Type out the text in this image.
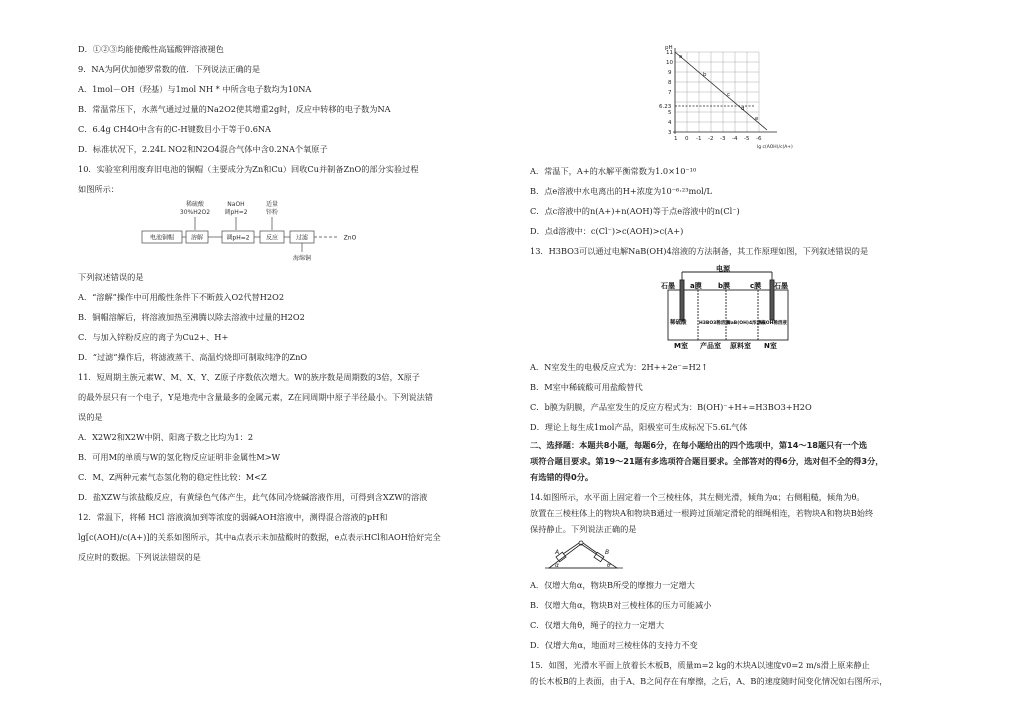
D．①②③均能使酸性高锰酸钾溶液褪色
9．NA为阿伏加德罗常数的值．下列说法正确的是
A．1mol－OH（羟基）与1mol NH * 中所含电子数均为10NA
B．常温常压下，水蒸气通过过量的Na2O2使其增重2g时，反应中转移的电子数为NA
C．6.4g CH4O中含有的C-H键数目小于等于0.6NA
D．标准状况下，2.24L NO2和N2O4混合气体中含0.2NA个氧原子
10．实验室利用废弃旧电池的铜帽（主要成分为Zn和Cu）回收Cu并制备ZnO的部分实验过程
如图所示：
下列叙述错误的是
A．“溶解”操作中可用酸性条件下不断鼓入O2代替H2O2
B．铜帽溶解后，将溶液加热至沸腾以除去溶液中过量的H2O2
C．与加入锌粉反应的离子为Cu2+、H+
D．“过滤”操作后，将滤液蒸干、高温灼烧即可制取纯净的ZnO
11．短周期主族元素W、M、X、Y、Z原子序数依次增大。W的族序数是周期数的3倍，X原子
的最外层只有一个电子，Y是地壳中含量最多的金属元素，Z在同周期中原子半径最小。下列说法错
误的是
A．X2W2和X2W中阴、阳离子数之比均为1：2
B．可用M的单质与W的氢化物反应证明非金属性M>W
C．M、Z两种元素气态氢化物的稳定性比较：M<Z
D．盐XZW与浓盐酸反应，有黄绿色气体产生，此气体同冷烧碱溶液作用，可得到含XZW的溶液
12．常温下，将稀 HCl 溶液滴加到等浓度的弱碱AOH溶液中，测得混合溶液的pH和
lg[c(AOH)/c(A+)]的关系如图所示，其中a点表示未加盐酸时的数据，e点表示HCl和AOH恰好完全
反应时的数据。下列说法错误的是
A．常温下，A+的水解平衡常数为1.0×10⁻¹⁰
B．点e溶液中水电离出的H+浓度为10⁻⁶·²³mol/L
C．点c溶液中的n(A+)+n(AOH)等于点e溶液中的n(Cl⁻)
D．点d溶液中：c(Cl⁻)>c(AOH)>c(A+)
13．H3BO3可以通过电解NaB(OH)4溶液的方法制备，其工作原理如图，下列叙述错误的是
A．N室发生的电极反应式为：2H++2e⁻=H2↑
B．M室中稀硫酸可用盐酸替代
C．b膜为阴膜，产品室发生的反应方程式为：B(OH)⁻+H+=H3BO3+H2O
D．理论上每生成1mol产品，阳极室可生成标况下5.6L气体
二、选择题：本题共8小题，每题6分，在每小题给出的四个选项中，第14～18题只有一个选
项符合题目要求。第19～21题有多选项符合题目要求。全部答对的得6分，选对但不全的得3分，
有选错的得0分。
14.如图所示，水平面上固定着一个三棱柱体，其左侧光滑，倾角为α；右侧粗糙，倾角为θ。
放置在三棱柱体上的物块A和物块B通过一根跨过顶端定滑轮的细绳相连，若物块A和物块B始终
保持静止。下列说法正确的是
A．仅增大角α，物块B所受的摩擦力一定增大
B．仅增大角α，物块B对三棱柱体的压力可能减小
C．仅增大角θ，绳子的拉力一定增大
D．仅增大角α，地面对三棱柱体的支持力不变
15．如图，光滑水平面上放着长木板B，质量m=2 kg的木块A以速度v0=2 m/s滑上原来静止
的长木板B的上表面，由于A、B之间存在有摩擦，之后，A、B的速度随时间变化情况如右图所示，
稀硫酸
30%H2O2
NaOH
调pH=2
适量
锌粉
电池铜帽	溶解	调pH=2	反应	过滤	ZnO
海绵铜
pH
11
10
9
8
7
6.23
5
4
3
1 0 -1 -2 -3 -4 -5 -6
a
b
c
d
e
lg c(AOH)/c(A+)
电源
石墨	石墨
a膜 b膜	c膜
稀硫酸	H3BO3稀溶液
NaB(OH)4浓溶液
NaOH稀溶液
M室 产品室 原料室 N室
A	B
α	θ
